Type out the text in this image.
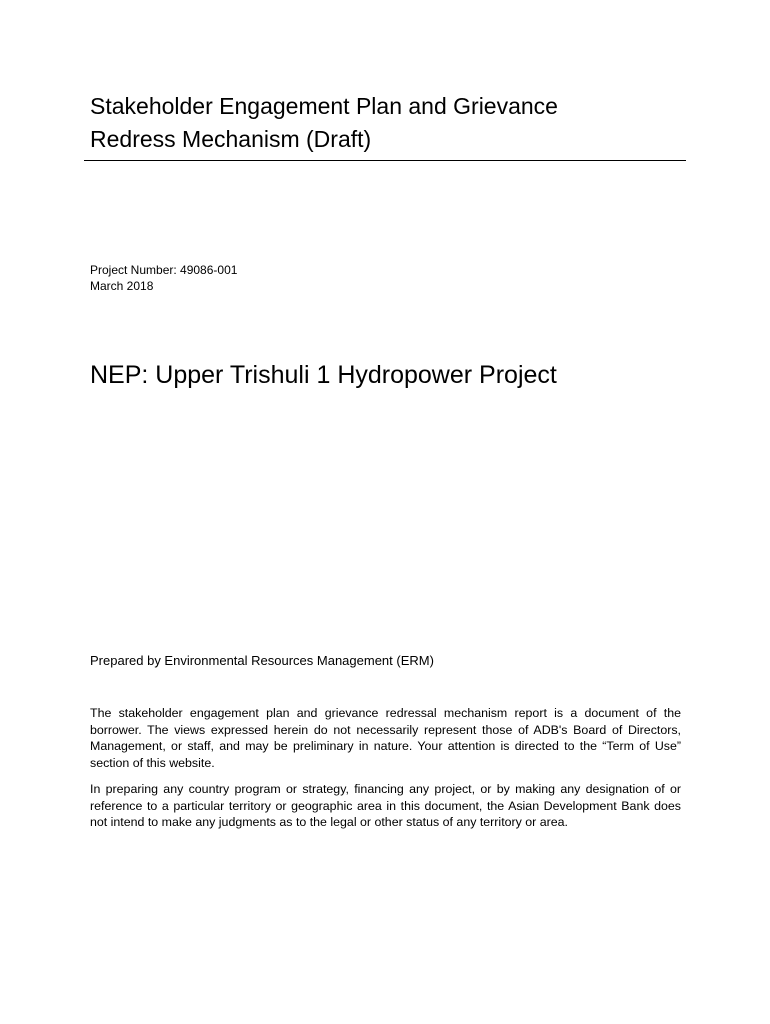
Stakeholder Engagement Plan and Grievance
Redress Mechanism (Draft)
Project Number: 49086-001
March 2018
NEP: Upper Trishuli 1 Hydropower Project
Prepared by Environmental Resources Management (ERM)

The stakeholder engagement plan and grievance redressal mechanism report is a document of the borrower. The views expressed herein do not necessarily represent those of ADB's Board of Directors, Management, or staff, and may be preliminary in nature. Your attention is directed to the “Term of Use” section of this website.

In preparing any country program or strategy, financing any project, or by making any designation of or reference to a particular territory or geographic area in this document, the Asian Development Bank does not intend to make any judgments as to the legal or other status of any territory or area.
